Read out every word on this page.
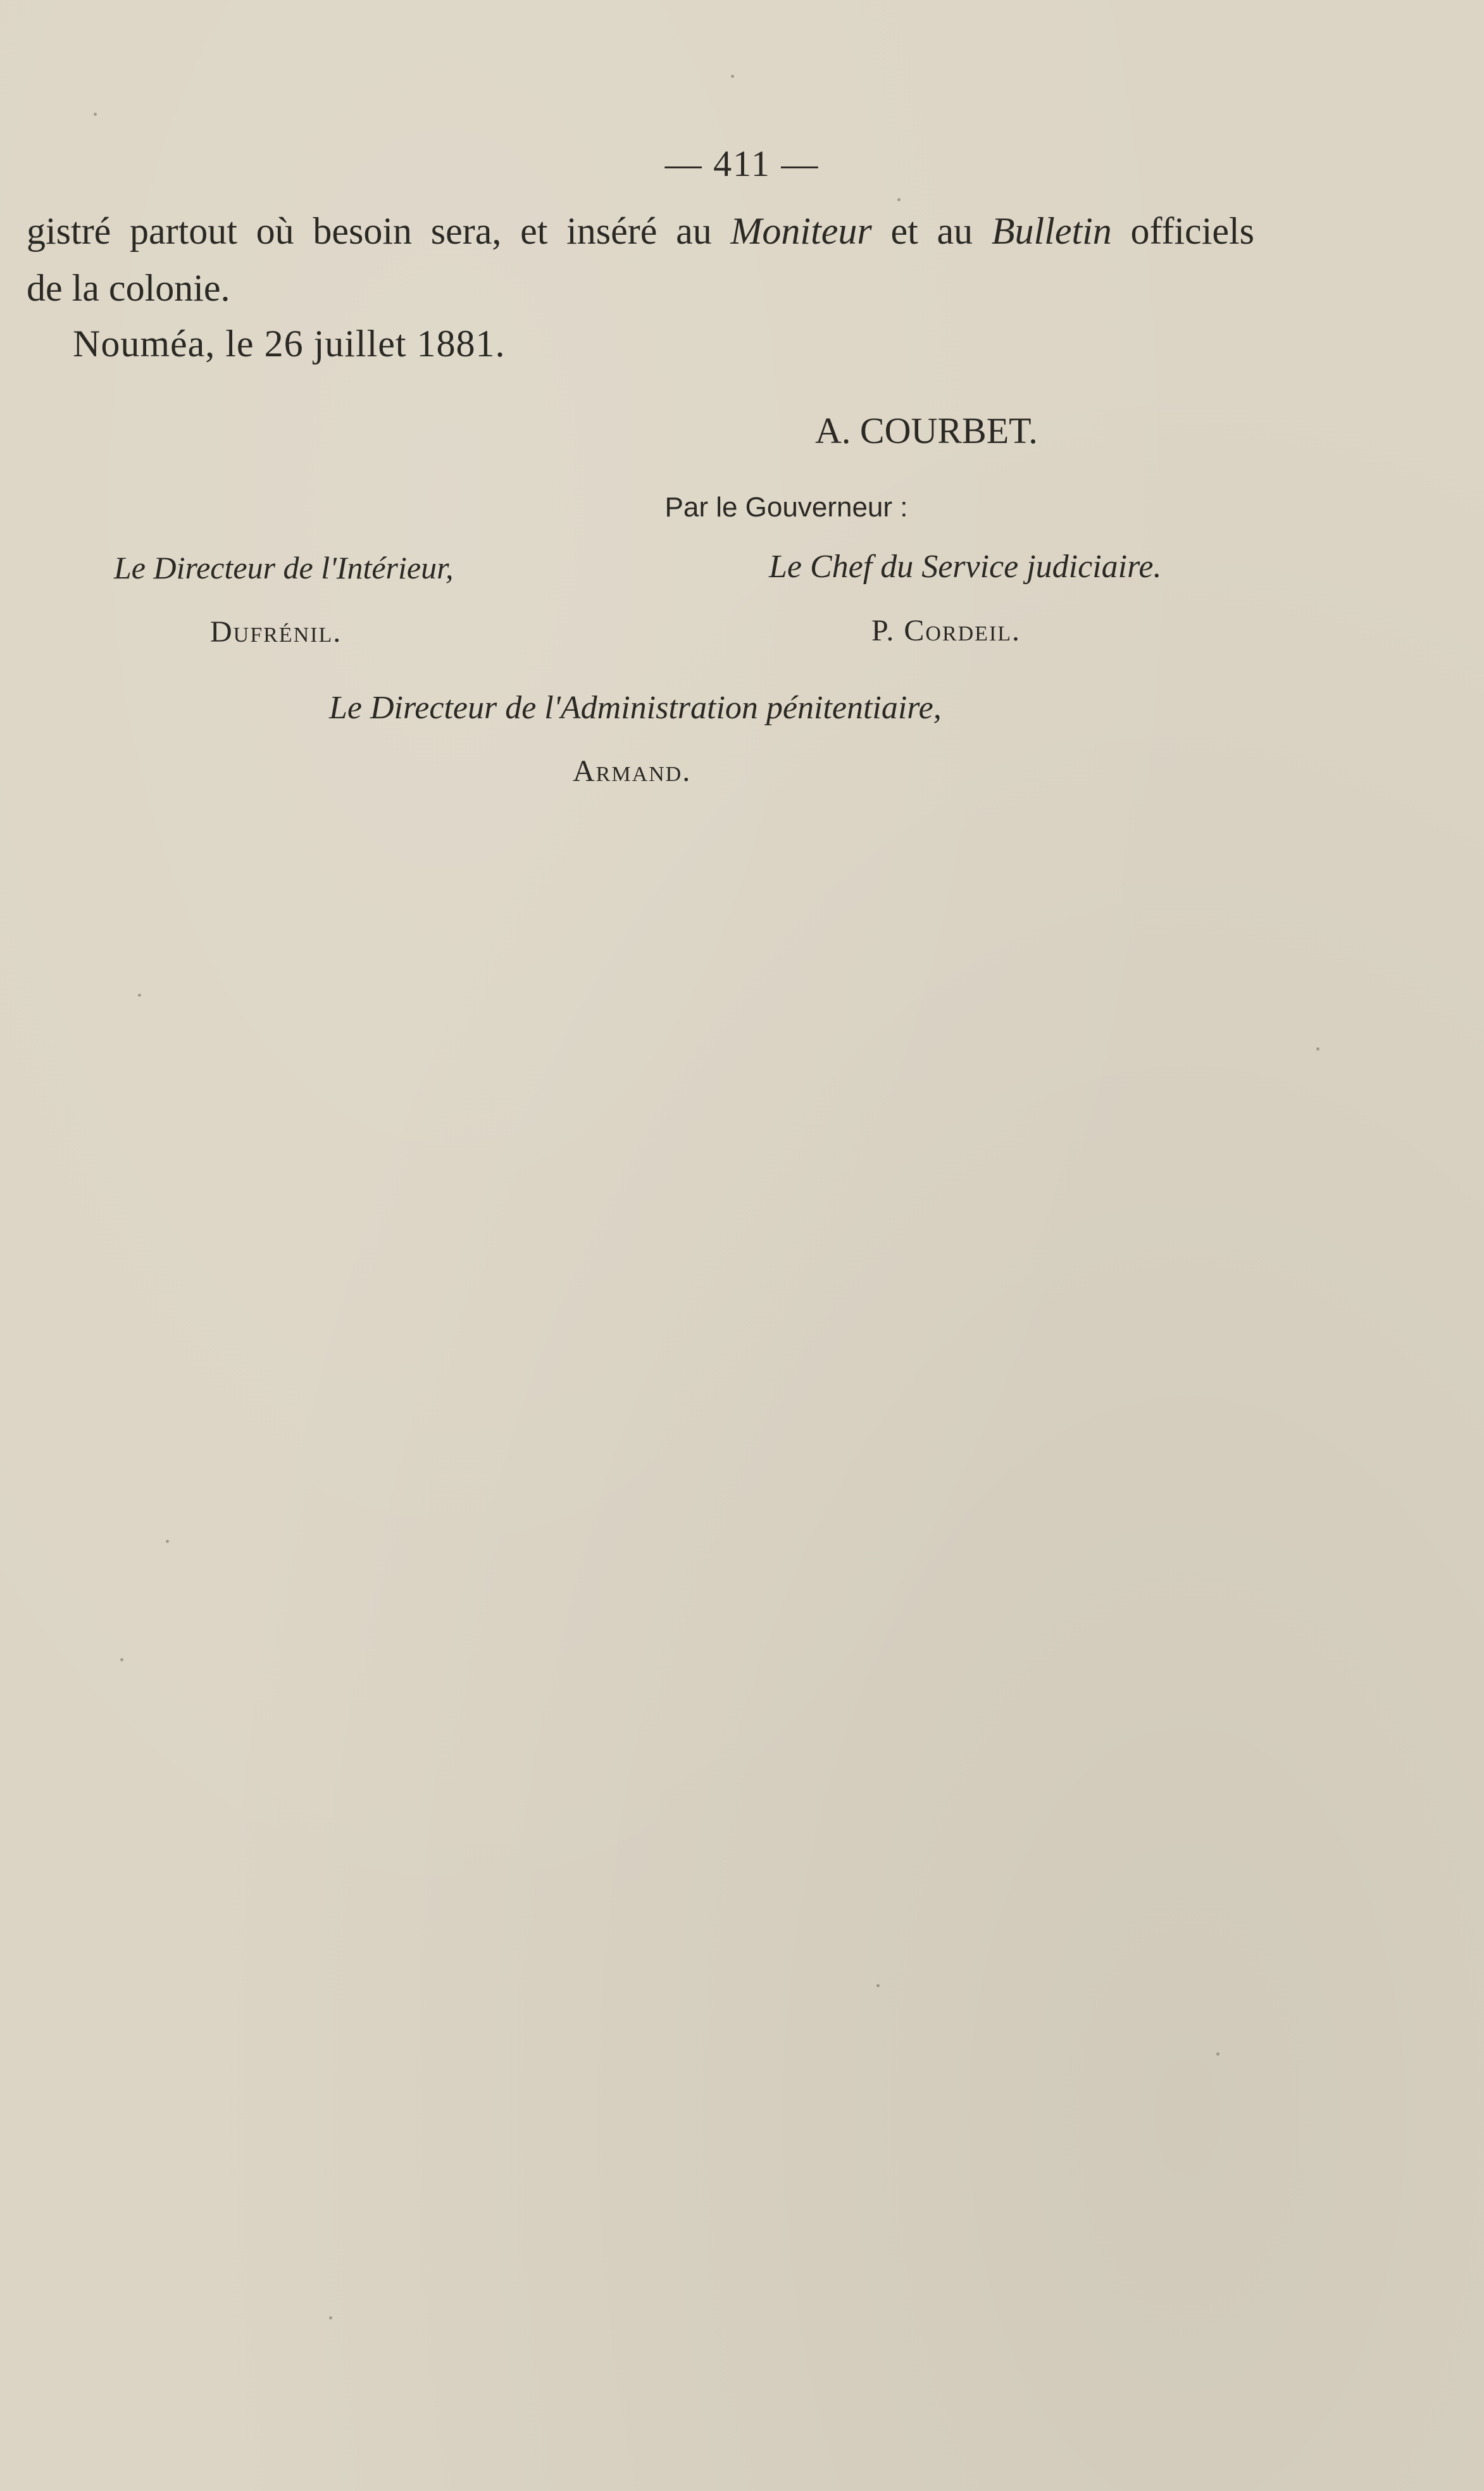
— 411 —
gistré partout où besoin sera, et inséré au Moniteur et au Bulletin officiels
de la colonie.
Nouméa, le 26 juillet 1881.
A. COURBET.
Par le Gouverneur :
Le Directeur de l'Intérieur,	Le Chef du Service judiciaire.
Dufrénil.	P. Cordeil.
Le Directeur de l'Administration pénitentiaire,
Armand.
